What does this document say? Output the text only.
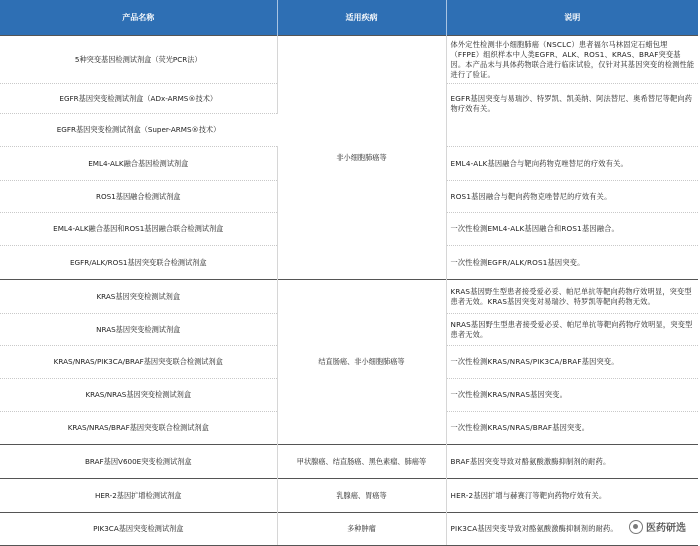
产品名称	适用疾病	说明
5种突变基因检测试剂盒（荧光PCR法）	非小细胞肺癌等	体外定性检测非小细胞肺癌（NSCLC）患者福尔马林固定石蜡包埋（FFPE）组织样本中人类EGFR、ALK、ROS1、KRAS、BRAF突变基因。本产品未与具体药物联合进行临床试验，仅针对其基因突变的检测性能进行了验证。
EGFR基因突变检测试剂盒（ADx-ARMS®技术）		EGFR基因突变与易瑞沙、特罗凯、凯美纳、阿法替尼、奥希替尼等靶向药物疗效有关。
EGFR基因突变检测试剂盒（Super-ARMS®技术）		
EML4-ALK融合基因检测试剂盒		EML4-ALK基因融合与靶向药物克唑替尼的疗效有关。
ROS1基因融合检测试剂盒		ROS1基因融合与靶向药物克唑替尼的疗效有关。
EML4-ALK融合基因和ROS1基因融合联合检测试剂盒		一次性检测EML4-ALK基因融合和ROS1基因融合。
EGFR/ALK/ROS1基因突变联合检测试剂盒		一次性检测EGFR/ALK/ROS1基因突变。
KRAS基因突变检测试剂盒	结直肠癌、非小细胞肺癌等	KRAS基因野生型患者接受爱必妥、帕尼单抗等靶向药物疗效明显，突变型患者无效。KRAS基因突变对易瑞沙、特罗凯等靶向药物无效。
NRAS基因突变检测试剂盒		NRAS基因野生型患者接受爱必妥、帕尼单抗等靶向药物疗效明显，突变型患者无效。
KRAS/NRAS/PIK3CA/BRAF基因突变联合检测试剂盒		一次性检测KRAS/NRAS/PIK3CA/BRAF基因突变。
KRAS/NRAS基因突变检测试剂盒		一次性检测KRAS/NRAS基因突变。
KRAS/NRAS/BRAF基因突变联合检测试剂盒		一次性检测KRAS/NRAS/BRAF基因突变。
BRAF基因V600E突变检测试剂盒	甲状腺癌、结直肠癌、黑色素瘤、肺癌等	BRAF基因突变导致对酪氨酸激酶抑制剂的耐药。
HER-2基因扩增检测试剂盒	乳腺癌、胃癌等	HER-2基因扩增与赫赛汀等靶向药物疗效有关。
PIK3CA基因突变检测试剂盒	多种肿瘤	PIK3CA基因突变导致对酪氨酸激酶抑制剂的耐药。	医药研选
